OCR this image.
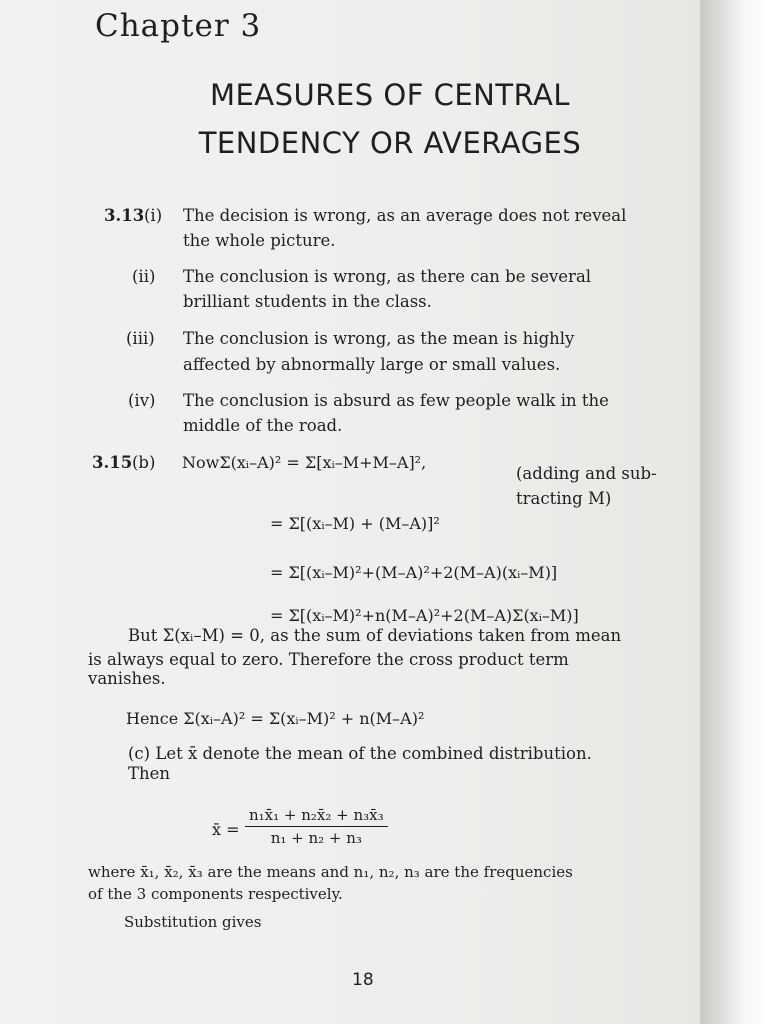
Chapter 3
MEASURES OF CENTRAL
TENDENCY OR AVERAGES
3.13 (i) The decision is wrong, as an average does not reveal
the whole picture.
(ii) The conclusion is wrong, as there can be several
brilliant students in the class.
(iii) The conclusion is wrong, as the mean is highly
affected by abnormally large or small values.
(iv) The conclusion is absurd as few people walk in the
middle of the road.
3.15 (b) NowΣ(xᵢ–A)² = Σ[xᵢ–M+M–A]²,
(adding and sub-
tracting M)
= Σ[(xᵢ–M) + (M–A)]²
= Σ[(xᵢ–M)²+(M–A)²+2(M–A)(xᵢ–M)]
= Σ[(xᵢ–M)²+n(M–A)²+2(M–A)Σ(xᵢ–M)]
But Σ(xᵢ–M) = 0, as the sum of deviations taken from mean
is always equal to zero. Therefore the cross product term
vanishes.
Hence Σ(xᵢ–A)² = Σ(xᵢ–M)² + n(M–A)²
(c) Let x̄ denote the mean of the combined distribution.
Then
x̄ = $\frac{\text{n₁x̄₁ + n₂x̄₂ + n₃x̄₃}}{\text{n₁ + n₂ + n₃}}$
where x̄₁, x̄₂, x̄₃ are the means and n₁, n₂, n₃ are the frequencies
of the 3 components respectively.
Substitution gives
18
